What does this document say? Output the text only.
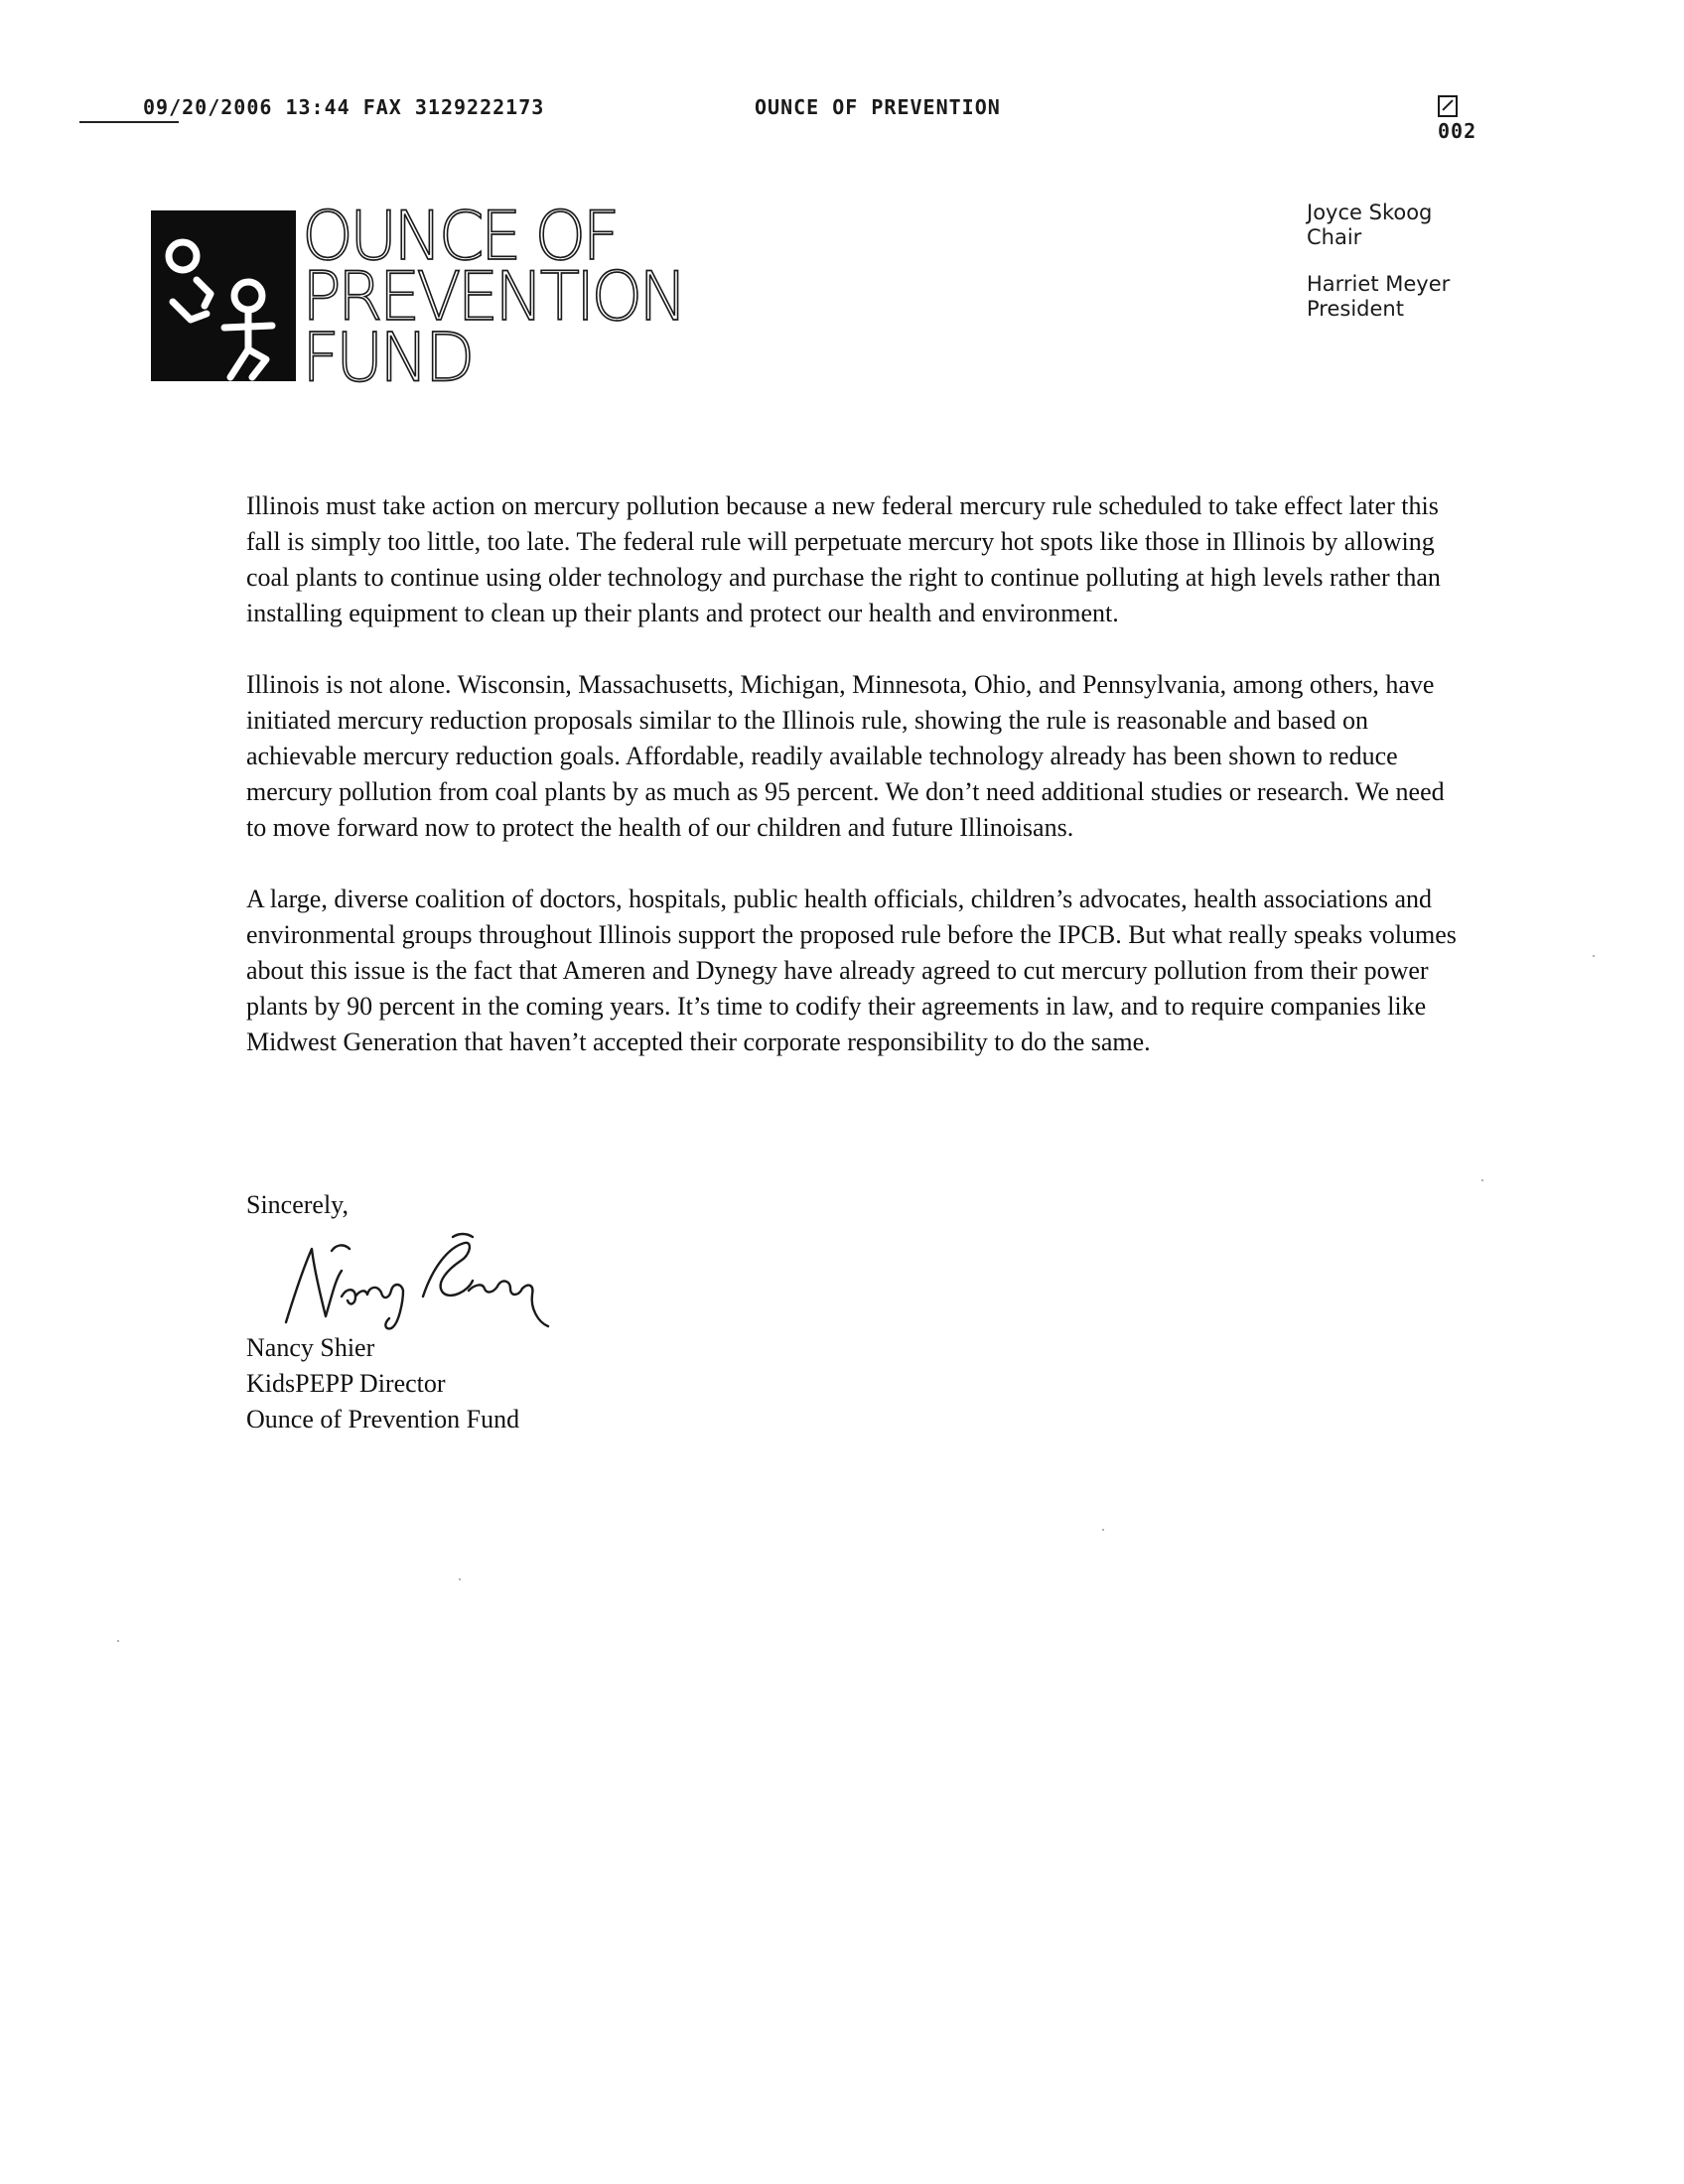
09/20/2006 13:44 FAX 3129222173	OUNCE OF PREVENTION
002
OUNCE OF
PREVENTION
FUND
Joyce Skoog
Chair
Harriet Meyer
President

Illinois must take action on mercury pollution because a new federal mercury rule scheduled to take effect later this fall is simply too little, too late. The federal rule will perpetuate mercury hot spots like those in Illinois by allowing coal plants to continue using older technology and purchase the right to continue polluting at high levels rather than installing equipment to clean up their plants and protect our health and environment.

Illinois is not alone. Wisconsin, Massachusetts, Michigan, Minnesota, Ohio, and Pennsylvania, among others, have initiated mercury reduction proposals similar to the Illinois rule, showing the rule is reasonable and based on achievable mercury reduction goals. Affordable, readily available technology already has been shown to reduce mercury pollution from coal plants by as much as 95 percent. We don’t need additional studies or research. We need to move forward now to protect the health of our children and future Illinoisans.

A large, diverse coalition of doctors, hospitals, public health officials, children’s advocates, health associations and environmental groups throughout Illinois support the proposed rule before the IPCB. But what really speaks volumes about this issue is the fact that Ameren and Dynegy have already agreed to cut mercury pollution from their power plants by 90 percent in the coming years. It’s time to codify their agreements in law, and to require companies like Midwest Generation that haven’t accepted their corporate responsibility to do the same.

Sincerely,
Nancy Shier
KidsPEPP Director
Ounce of Prevention Fund
